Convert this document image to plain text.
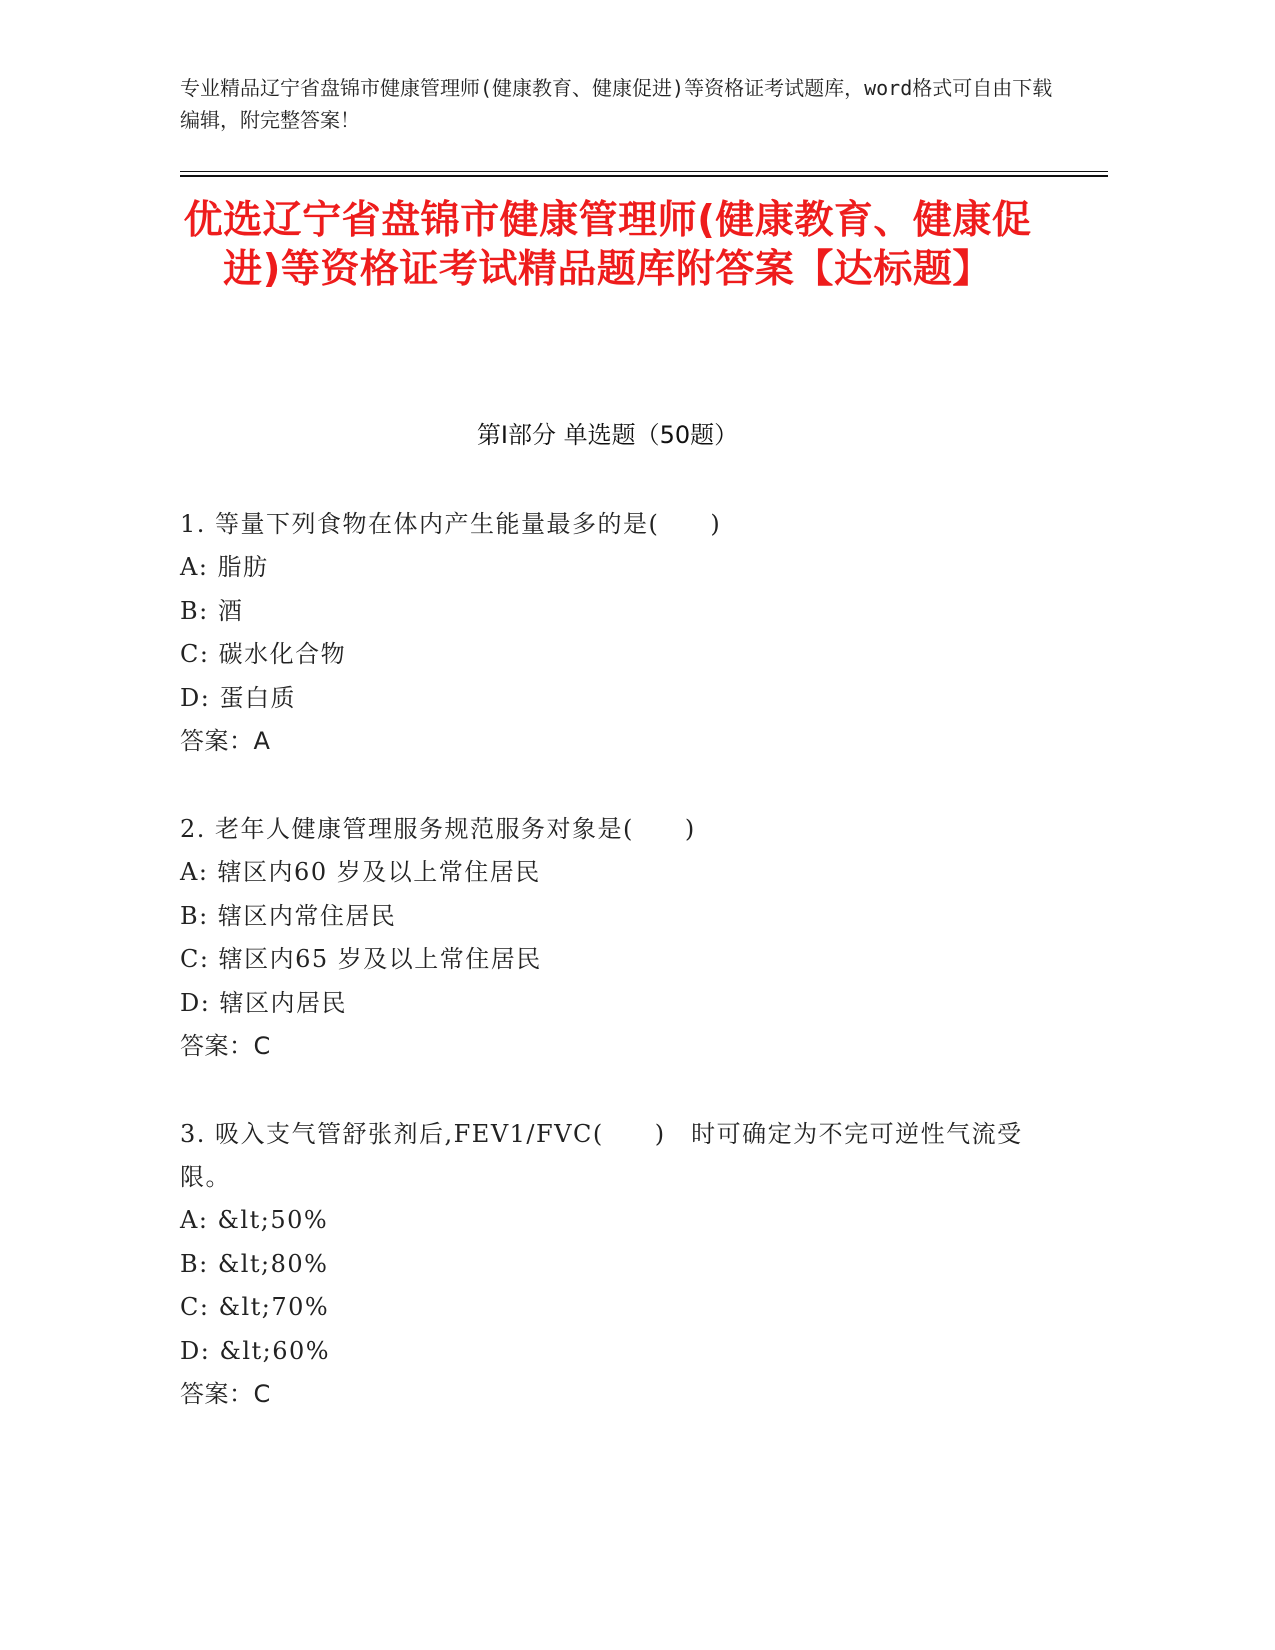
专业精品辽宁省盘锦市健康管理师(健康教育、健康促进)等资格证考试题库，word格式可自由下载编辑，附完整答案！
优选辽宁省盘锦市健康管理师(健康教育、健康促进)等资格证考试精品题库附答案【达标题】
第Ⅰ部分 单选题（50题）
1. 等量下列食物在体内产生能量最多的是(　　)
A: 脂肪
B: 酒
C: 碳水化合物
D: 蛋白质
答案：A
2. 老年人健康管理服务规范服务对象是(　　)
A: 辖区内60 岁及以上常住居民
B: 辖区内常住居民
C: 辖区内65 岁及以上常住居民
D: 辖区内居民
答案：C
3. 吸入支气管舒张剂后,FEV1/FVC(　　)　时可确定为不完可逆性气流受限。
A: &lt;50%
B: &lt;80%
C: &lt;70%
D: &lt;60%
答案：C
